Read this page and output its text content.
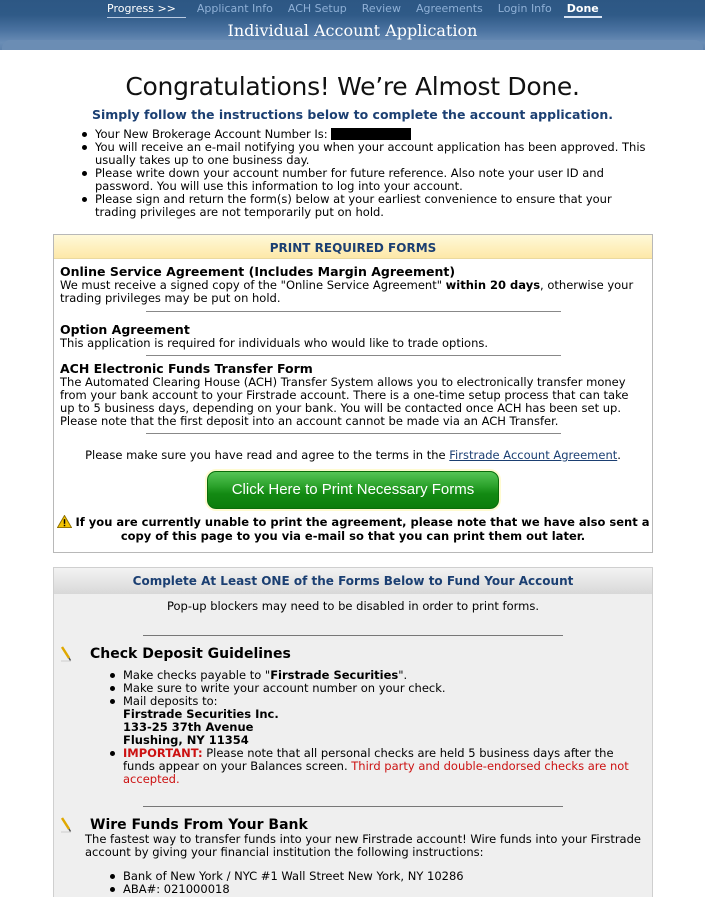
Progress >>	Applicant Info ACH Setup Review Agreements Login Info Done
Individual Account Application
Congratulations! We’re Almost Done.
Simply follow the instructions below to complete the account application.
Your New Brokerage Account Number Is:
You will receive an e-mail notifying you when your account application has been approved. This usually takes up to one business day.
Please write down your account number for future reference. Also note your user ID and password. You will use this information to log into your account.
Please sign and return the form(s) below at your earliest convenience to ensure that your trading privileges are not temporarily put on hold.
PRINT REQUIRED FORMS
Online Service Agreement (Includes Margin Agreement)

We must receive a signed copy of the "Online Service Agreement" within 20 days, otherwise your trading privileges may be put on hold.

Option Agreement

This application is required for individuals who would like to trade options.

ACH Electronic Funds Transfer Form

The Automated Clearing House (ACH) Transfer System allows you to electronically transfer money from your bank account to your Firstrade account. There is a one-time setup process that can take up to 5 business days, depending on your bank. You will be contacted once ACH has been set up. Please note that the first deposit into an account cannot be made via an ACH Transfer.

Please make sure you have read and agree to the terms in the Firstrade Account Agreement.

Click Here to Print Necessary Forms

If you are currently unable to print the agreement, please note that we have also sent a copy of this page to you via e-mail so that you can print them out later.

Complete At Least ONE of the Forms Below to Fund Your Account

Pop-up blockers may need to be disabled in order to print forms.

Check Deposit Guidelines
Make checks payable to "Firstrade Securities".
Make sure to write your account number on your check.
Mail deposits to:
Firstrade Securities Inc.
133-25 37th Avenue
Flushing, NY 11354
IMPORTANT: Please note that all personal checks are held 5 business days after the funds appear on your Balances screen. Third party and double-endorsed checks are not accepted.
Wire Funds From Your Bank

The fastest way to transfer funds into your new Firstrade account! Wire funds into your Firstrade account by giving your financial institution the following instructions:

Bank of New York / NYC #1 Wall Street New York, NY 10286
ABA#: 021000018
